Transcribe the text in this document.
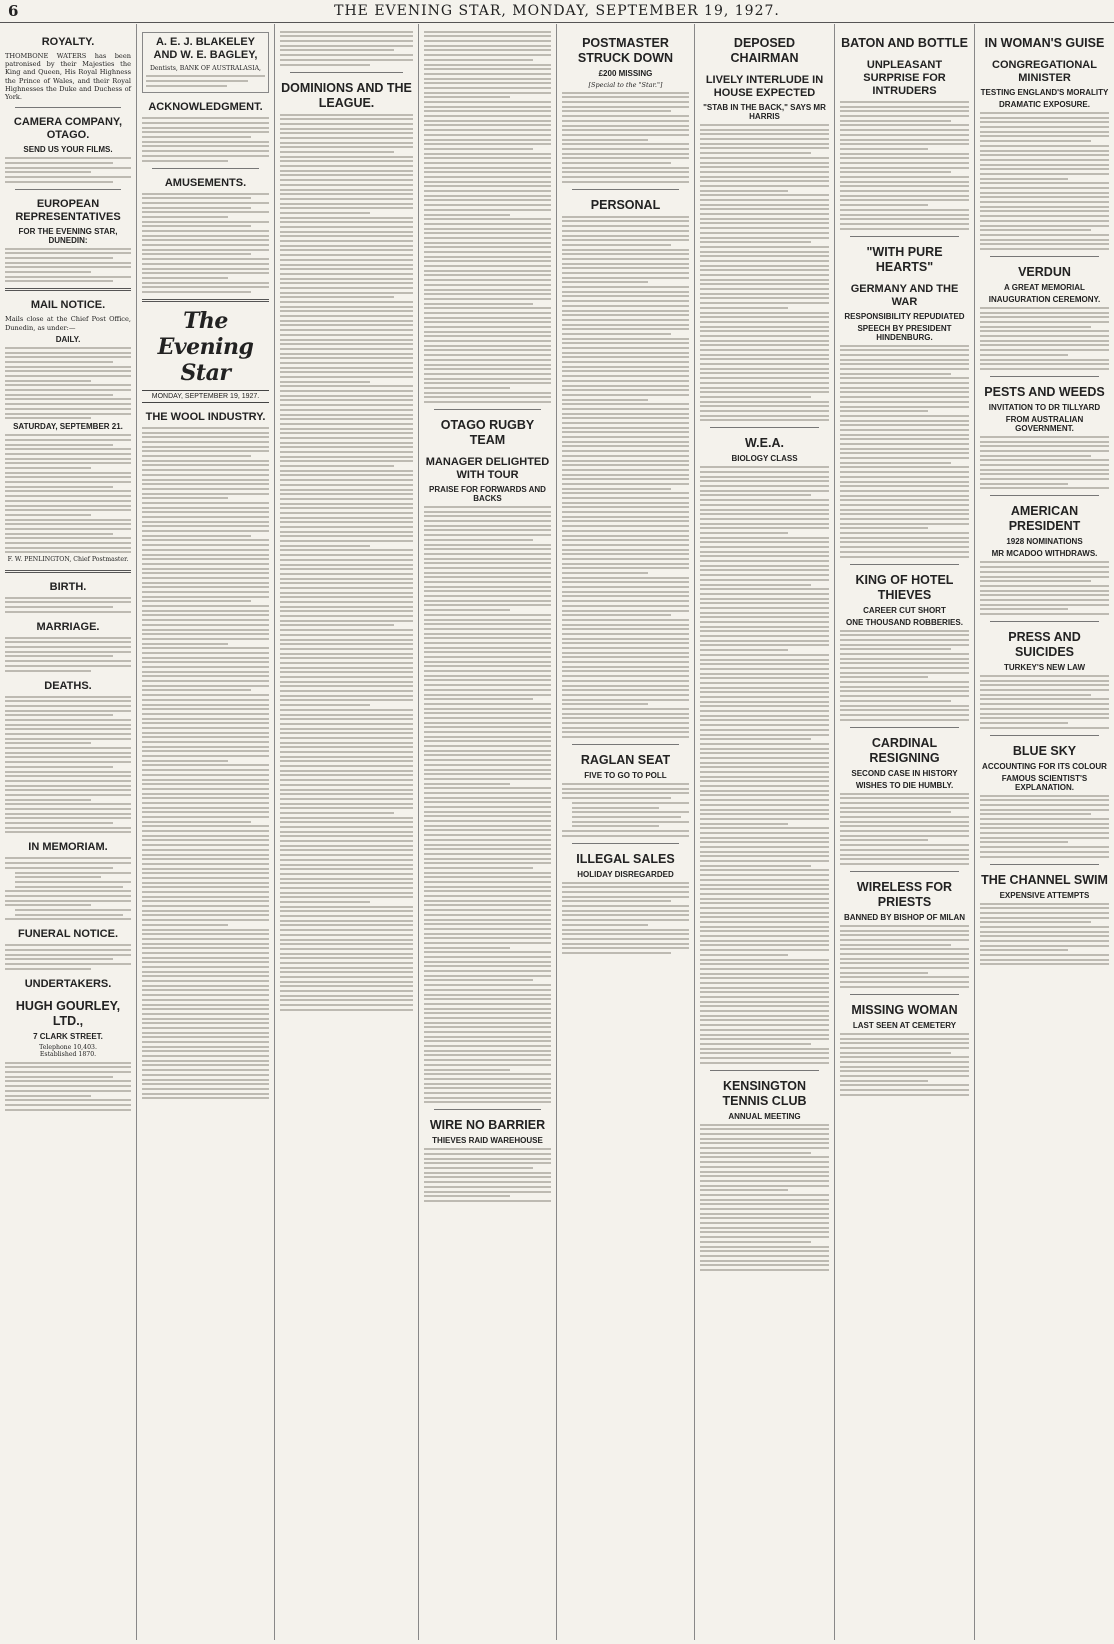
6	THE EVENING STAR, MONDAY, SEPTEMBER 19, 1927.
ROYALTY.
THOMBONE WATERS has been patronised by their Majesties the King and Queen, His Royal Highness the Prince of Wales, and their Royal Highnesses the Duke and Duchess of York.
CAMERA COMPANY, OTAGO.
SEND US YOUR FILMS.
EUROPEAN REPRESENTATIVES
FOR THE EVENING STAR, DUNEDIN:
MAIL NOTICE.
Mails close at the Chief Post Office, Dunedin, as under:—
DAILY.
SATURDAY, SEPTEMBER 21.
F. W. PENLINGTON, Chief Postmaster.
BIRTH.
MARRIAGE.
DEATHS.
IN MEMORIAM.
FUNERAL NOTICE.
UNDERTAKERS.
HUGH GOURLEY, LTD.,
7 CLARK STREET.
Telephone 10,403.
Established 1870.
A. E. J. BLAKELEY AND W. E. BAGLEY,
Dentists, BANK OF AUSTRALASIA,
ACKNOWLEDGMENT.
AMUSEMENTS.
The Evening Star
MONDAY, SEPTEMBER 19, 1927.
THE WOOL INDUSTRY.
DOMINIONS AND THE LEAGUE.
OTAGO RUGBY TEAM
MANAGER DELIGHTED WITH TOUR
PRAISE FOR FORWARDS AND BACKS
WIRE NO BARRIER
THIEVES RAID WAREHOUSE
POSTMASTER STRUCK DOWN
£200 MISSING
[Special to the "Star."]
PERSONAL
RAGLAN SEAT
FIVE TO GO TO POLL
ILLEGAL SALES
HOLIDAY DISREGARDED
DEPOSED CHAIRMAN
LIVELY INTERLUDE IN HOUSE EXPECTED
"STAB IN THE BACK," SAYS MR HARRIS
W.E.A.
BIOLOGY CLASS
KENSINGTON TENNIS CLUB
ANNUAL MEETING
BATON AND BOTTLE
UNPLEASANT SURPRISE FOR INTRUDERS
"WITH PURE HEARTS"
GERMANY AND THE WAR
RESPONSIBILITY REPUDIATED
SPEECH BY PRESIDENT HINDENBURG.
KING OF HOTEL THIEVES
CAREER CUT SHORT
ONE THOUSAND ROBBERIES.
CARDINAL RESIGNING
SECOND CASE IN HISTORY
WISHES TO DIE HUMBLY.
WIRELESS FOR PRIESTS
BANNED BY BISHOP OF MILAN
MISSING WOMAN
LAST SEEN AT CEMETERY
IN WOMAN'S GUISE
CONGREGATIONAL MINISTER
TESTING ENGLAND'S MORALITY
DRAMATIC EXPOSURE.
VERDUN
A GREAT MEMORIAL
INAUGURATION CEREMONY.
PESTS AND WEEDS
INVITATION TO DR TILLYARD
FROM AUSTRALIAN GOVERNMENT.
AMERICAN PRESIDENT
1928 NOMINATIONS
MR MCADOO WITHDRAWS.
PRESS AND SUICIDES
TURKEY'S NEW LAW
BLUE SKY
ACCOUNTING FOR ITS COLOUR
FAMOUS SCIENTIST'S EXPLANATION.
THE CHANNEL SWIM
EXPENSIVE ATTEMPTS
